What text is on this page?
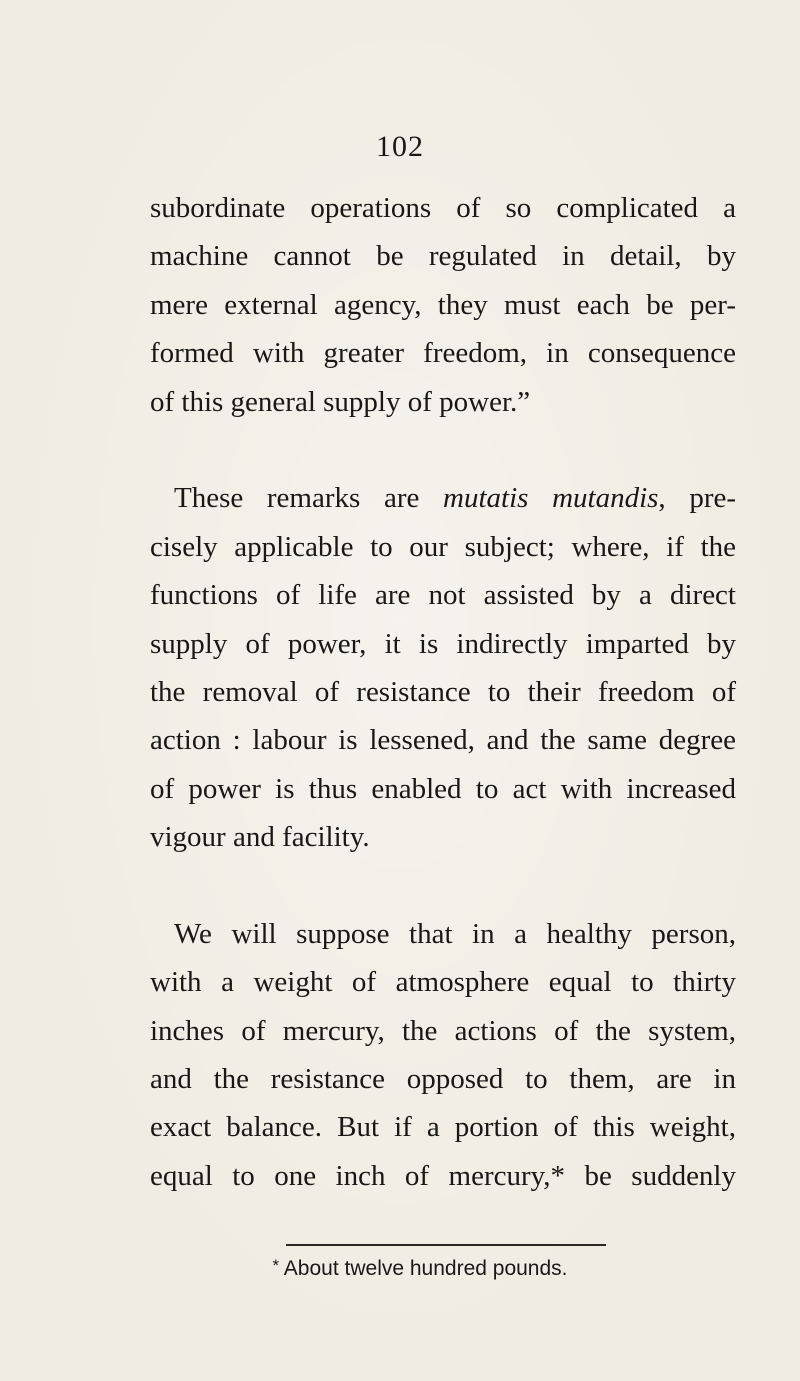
102
subordinate operations of so complicated a
machine cannot be regulated in detail, by
mere external agency, they must each be per-
formed with greater freedom, in consequence
of this general supply of power.”
These remarks are mutatis mutandis, pre-
cisely applicable to our subject; where, if the
functions of life are not assisted by a direct
supply of power, it is indirectly imparted by
the removal of resistance to their freedom of
action : labour is lessened, and the same degree
of power is thus enabled to act with increased
vigour and facility.
We will suppose that in a healthy person,
with a weight of atmosphere equal to thirty
inches of mercury, the actions of the system,
and the resistance opposed to them, are in
exact balance. But if a portion of this weight,
equal to one inch of mercury,* be suddenly
* About twelve hundred pounds.
